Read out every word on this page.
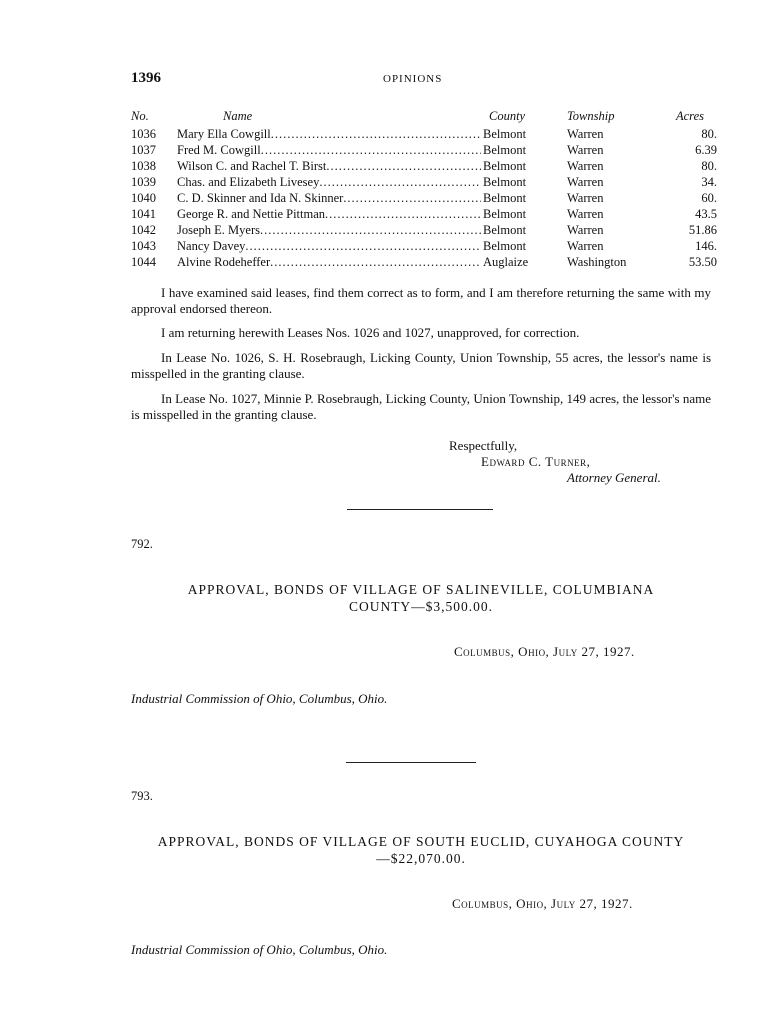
1396	OPINIONS
No.	Name	County	Township	Acres
1036	Mary Ella Cowgill .....	Belmont	Warren	80.
1037	Fred M. Cowgill .....	Belmont	Warren	6.39
1038	Wilson C. and Rachel T. Birst .....	Belmont	Warren	80.
1039	Chas. and Elizabeth Livesey .....	Belmont	Warren	34.
1040	C. D. Skinner and Ida N. Skinner .....	Belmont	Warren	60.
1041	George R. and Nettie Pittman .....	Belmont	Warren	43.5
1042	Joseph E. Myers .....	Belmont	Warren	51.86
1043	Nancy Davey .....	Belmont	Warren	146.
1044	Alvine Rodeheffer .....	Auglaize	Washington	53.50
I have examined said leases, find them correct as to form, and I am therefore returning the same with my approval endorsed thereon.
I am returning herewith Leases Nos. 1026 and 1027, unapproved, for correction.
In Lease No. 1026, S. H. Rosebraugh, Licking County, Union Township, 55 acres, the lessor's name is misspelled in the granting clause.
In Lease No. 1027, Minnie P. Rosebraugh, Licking County, Union Township, 149 acres, the lessor's name is misspelled in the granting clause.
Respectfully,
Edward C. Turner,
Attorney General.
792.
APPROVAL, BONDS OF VILLAGE OF SALINEVILLE, COLUMBIANA
COUNTY—$3,500.00.
Columbus, Ohio, July 27, 1927.
Industrial Commission of Ohio, Columbus, Ohio.
793.
APPROVAL, BONDS OF VILLAGE OF SOUTH EUCLID, CUYAHOGA COUNTY
—$22,070.00.
Columbus, Ohio, July 27, 1927.
Industrial Commission of Ohio, Columbus, Ohio.
